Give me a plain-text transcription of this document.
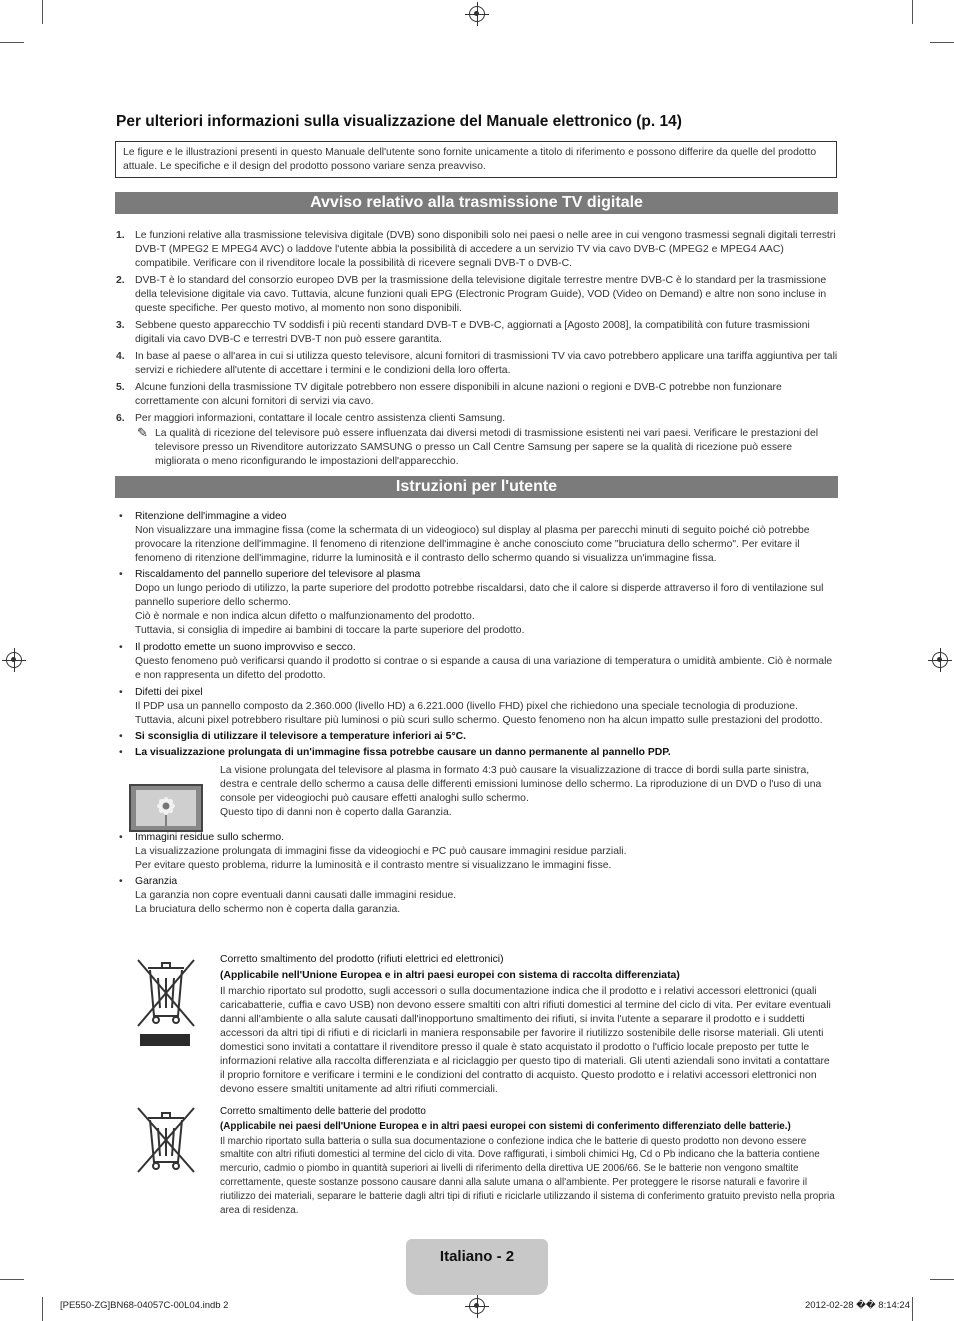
Per ulteriori informazioni sulla visualizzazione del Manuale elettronico (p. 14)
Le figure e le illustrazioni presenti in questo Manuale dell'utente sono fornite unicamente a titolo di riferimento e possono differire da quelle del prodotto attuale. Le specifiche e il design del prodotto possono variare senza preavviso.
Avviso relativo alla trasmissione TV digitale
1. Le funzioni relative alla trasmissione televisiva digitale (DVB) sono disponibili solo nei paesi o nelle aree in cui vengono trasmessi segnali digitali terrestri DVB-T (MPEG2 E MPEG4 AVC) o laddove l'utente abbia la possibilità di accedere a un servizio TV via cavo DVB-C (MPEG2 e MPEG4 AAC) compatibile. Verificare con il rivenditore locale la possibilità di ricevere segnali DVB-T o DVB-C.

2. DVB-T è lo standard del consorzio europeo DVB per la trasmissione della televisione digitale terrestre mentre DVB-C è lo standard per la trasmissione della televisione digitale via cavo. Tuttavia, alcune funzioni quali EPG (Electronic Program Guide), VOD (Video on Demand) e altre non sono incluse in queste specifiche. Per questo motivo, al momento non sono disponibili.

3. Sebbene questo apparecchio TV soddisfi i più recenti standard DVB-T e DVB-C, aggiornati a [Agosto 2008], la compatibilità con future trasmissioni digitali via cavo DVB-C e terrestri DVB-T non può essere garantita.

4. In base al paese o all'area in cui si utilizza questo televisore, alcuni fornitori di trasmissioni TV via cavo potrebbero applicare una tariffa aggiuntiva per tali servizi e richiedere all'utente di accettare i termini e le condizioni della loro offerta.

5. Alcune funzioni della trasmissione TV digitale potrebbero non essere disponibili in alcune nazioni o regioni e DVB-C potrebbe non funzionare correttamente con alcuni fornitori di servizi via cavo.

6. Per maggiori informazioni, contattare il locale centro assistenza clienti Samsung.

✎ La qualità di ricezione del televisore può essere influenzata dai diversi metodi di trasmissione esistenti nei vari paesi. Verificare le prestazioni del televisore presso un Rivenditore autorizzato SAMSUNG o presso un Call Centre Samsung per sapere se la qualità di ricezione può essere migliorata o meno riconfigurando le impostazioni dell'apparecchio.

Istruzioni per l'utente
• Ritenzione dell'immagine a video

Non visualizzare una immagine fissa (come la schermata di un videogioco) sul display al plasma per parecchi minuti di seguito poiché ciò potrebbe provocare la ritenzione dell'immagine. Il fenomeno di ritenzione dell'immagine è anche conosciuto come "bruciatura dello schermo". Per evitare il fenomeno di ritenzione dell'immagine, ridurre la luminosità e il contrasto dello schermo quando si visualizza un'immagine fissa.

• Riscaldamento del pannello superiore del televisore al plasma

Dopo un lungo periodo di utilizzo, la parte superiore del prodotto potrebbe riscaldarsi, dato che il calore si disperde attraverso il foro di ventilazione sul pannello superiore dello schermo.

Ciò è normale e non indica alcun difetto o malfunzionamento del prodotto.

Tuttavia, si consiglia di impedire ai bambini di toccare la parte superiore del prodotto.

• Il prodotto emette un suono improvviso e secco.

Questo fenomeno può verificarsi quando il prodotto si contrae o si espande a causa di una variazione di temperatura o umidità ambiente. Ciò è normale e non rappresenta un difetto del prodotto.

• Difetti dei pixel

Il PDP usa un pannello composto da 2.360.000 (livello HD) a 6.221.000 (livello FHD) pixel che richiedono una speciale tecnologia di produzione. Tuttavia, alcuni pixel potrebbero risultare più luminosi o più scuri sullo schermo. Questo fenomeno non ha alcun impatto sulle prestazioni del prodotto.

• Si sconsiglia di utilizzare il televisore a temperature inferiori ai 5°C.

• La visualizzazione prolungata di un'immagine fissa potrebbe causare un danno permanente al pannello PDP.

La visione prolungata del televisore al plasma in formato 4:3 può causare la visualizzazione di tracce di bordi sulla parte sinistra, destra e centrale dello schermo a causa delle differenti emissioni luminose dello schermo. La riproduzione di un DVD o l'uso di una console per videogiochi può causare effetti analoghi sullo schermo.

Questo tipo di danni non è coperto dalla Garanzia.

• Immagini residue sullo schermo.

La visualizzazione prolungata di immagini fisse da videogiochi e PC può causare immagini residue parziali.

Per evitare questo problema, ridurre la luminosità e il contrasto mentre si visualizzano le immagini fisse.

• Garanzia

La garanzia non copre eventuali danni causati dalle immagini residue.

La bruciatura dello schermo non è coperta dalla garanzia.

Corretto smaltimento del prodotto (rifiuti elettrici ed elettronici)

(Applicabile nell'Unione Europea e in altri paesi europei con sistema di raccolta differenziata)

Il marchio riportato sul prodotto, sugli accessori o sulla documentazione indica che il prodotto e i relativi accessori elettronici (quali caricabatterie, cuffia e cavo USB) non devono essere smaltiti con altri rifiuti domestici al termine del ciclo di vita. Per evitare eventuali danni all'ambiente o alla salute causati dall'inopportuno smaltimento dei rifiuti, si invita l'utente a separare il prodotto e i suddetti accessori da altri tipi di rifiuti e di riciclarli in maniera responsabile per favorire il riutilizzo sostenibile delle risorse materiali. Gli utenti domestici sono invitati a contattare il rivenditore presso il quale è stato acquistato il prodotto o l'ufficio locale preposto per tutte le informazioni relative alla raccolta differenziata e al riciclaggio per questo tipo di materiali. Gli utenti aziendali sono invitati a contattare il proprio fornitore e verificare i termini e le condizioni del contratto di acquisto. Questo prodotto e i relativi accessori elettronici non devono essere smaltiti unitamente ad altri rifiuti commerciali.

Corretto smaltimento delle batterie del prodotto

(Applicabile nei paesi dell'Unione Europea e in altri paesi europei con sistemi di conferimento differenziato delle batterie.)

Il marchio riportato sulla batteria o sulla sua documentazione o confezione indica che le batterie di questo prodotto non devono essere smaltite con altri rifiuti domestici al termine del ciclo di vita. Dove raffigurati, i simboli chimici Hg, Cd o Pb indicano che la batteria contiene mercurio, cadmio o piombo in quantità superiori ai livelli di riferimento della direttiva UE 2006/66. Se le batterie non vengono smaltite correttamente, queste sostanze possono causare danni alla salute umana o all'ambiente. Per proteggere le risorse naturali e favorire il riutilizzo dei materiali, separare le batterie dagli altri tipi di rifiuti e riciclarle utilizzando il sistema di conferimento gratuito previsto nella propria area di residenza.

Italiano - 2
[PE550-ZG]BN68-04057C-00L04.indb 2	2012-02-28 �� 8:14:24
